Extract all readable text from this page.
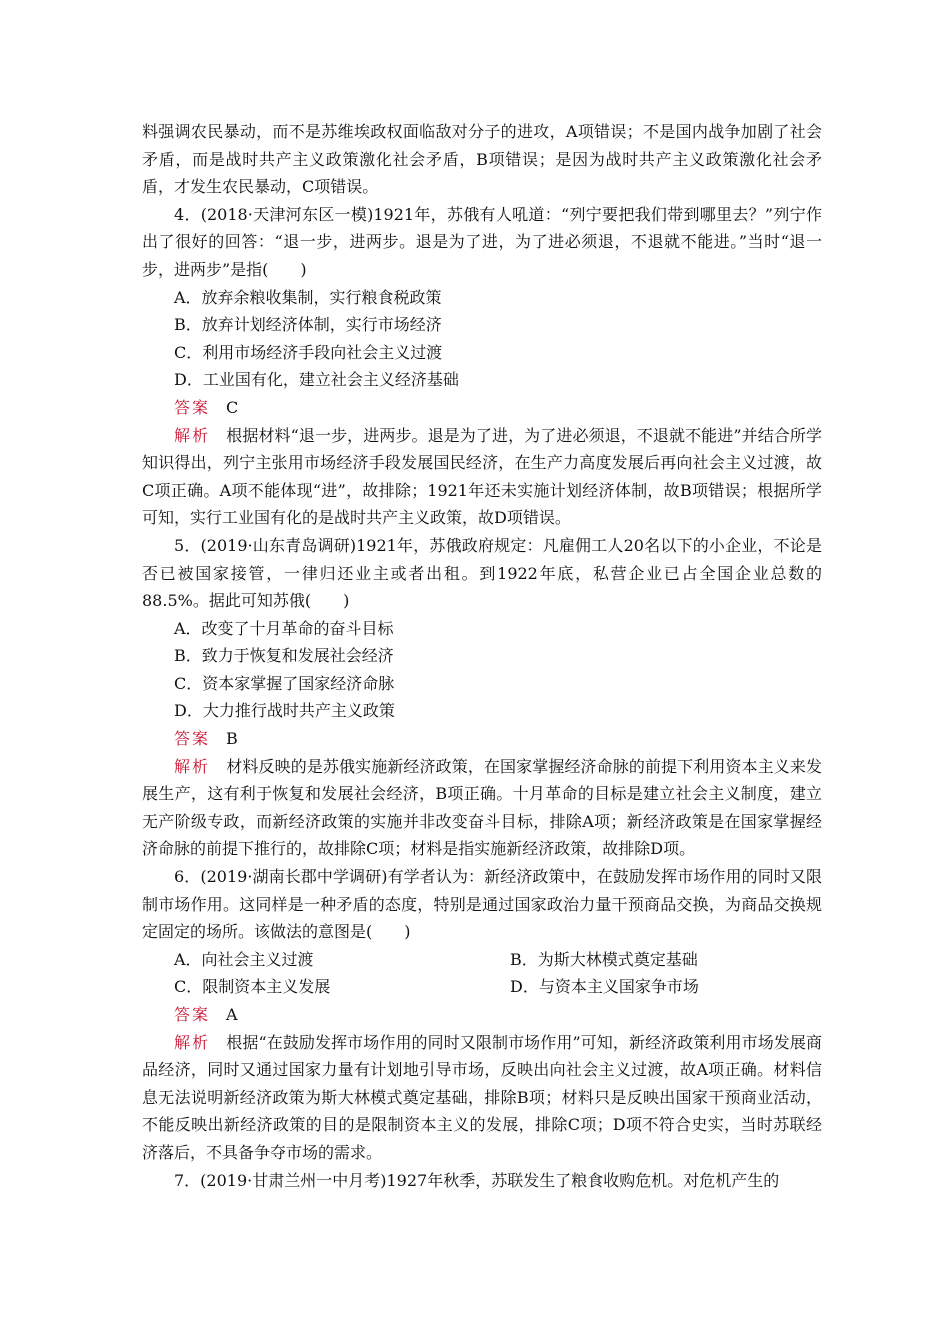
料强调农民暴动，而不是苏维埃政权面临敌对分子的进攻，A项错误；不是国内战争加剧了社会矛盾，而是战时共产主义政策激化社会矛盾，B项错误；是因为战时共产主义政策激化社会矛盾，才发生农民暴动，C项错误。

4．(2018·天津河东区一模)1921年，苏俄有人吼道：“列宁要把我们带到哪里去？”列宁作出了很好的回答：“退一步，进两步。退是为了进，为了进必须退，不退就不能进。”当时“退一步，进两步”是指(　　)

A．放弃余粮收集制，实行粮食税政策

B．放弃计划经济体制，实行市场经济

C．利用市场经济手段向社会主义过渡

D．工业国有化，建立社会主义经济基础

答案　 C

解析　 根据材料“退一步，进两步。退是为了进，为了进必须退，不退就不能进”并结合所学知识得出，列宁主张用市场经济手段发展国民经济，在生产力高度发展后再向社会主义过渡，故C项正确。A项不能体现“进”，故排除；1921年还未实施计划经济体制，故B项错误；根据所学可知，实行工业国有化的是战时共产主义政策，故D项错误。

5．(2019·山东青岛调研)1921年，苏俄政府规定：凡雇佣工人20名以下的小企业，不论是否已被国家接管，一律归还业主或者出租。到1922年底，私营企业已占全国企业总数的88.5%。据此可知苏俄(　　)

A．改变了十月革命的奋斗目标

B．致力于恢复和发展社会经济

C．资本家掌握了国家经济命脉

D．大力推行战时共产主义政策

答案　 B

解析　 材料反映的是苏俄实施新经济政策，在国家掌握经济命脉的前提下利用资本主义来发展生产，这有利于恢复和发展社会经济，B项正确。十月革命的目标是建立社会主义制度，建立无产阶级专政，而新经济政策的实施并非改变奋斗目标，排除A项；新经济政策是在国家掌握经济命脉的前提下推行的，故排除C项；材料是指实施新经济政策，故排除D项。

6．(2019·湖南长郡中学调研)有学者认为：新经济政策中，在鼓励发挥市场作用的同时又限制市场作用。这同样是一种矛盾的态度，特别是通过国家政治力量干预商品交换，为商品交换规定固定的场所。该做法的意图是(　　)

A．向社会主义过渡	B．为斯大林模式奠定基础
C．限制资本主义发展	D．与资本主义国家争市场

答案　 A

解析　 根据“在鼓励发挥市场作用的同时又限制市场作用”可知，新经济政策利用市场发展商品经济，同时又通过国家力量有计划地引导市场，反映出向社会主义过渡，故A项正确。材料信息无法说明新经济政策为斯大林模式奠定基础，排除B项；材料只是反映出国家干预商业活动，不能反映出新经济政策的目的是限制资本主义的发展，排除C项；D项不符合史实，当时苏联经济落后，不具备争夺市场的需求。

7．(2019·甘肃兰州一中月考)1927年秋季，苏联发生了粮食收购危机。对危机产生的
